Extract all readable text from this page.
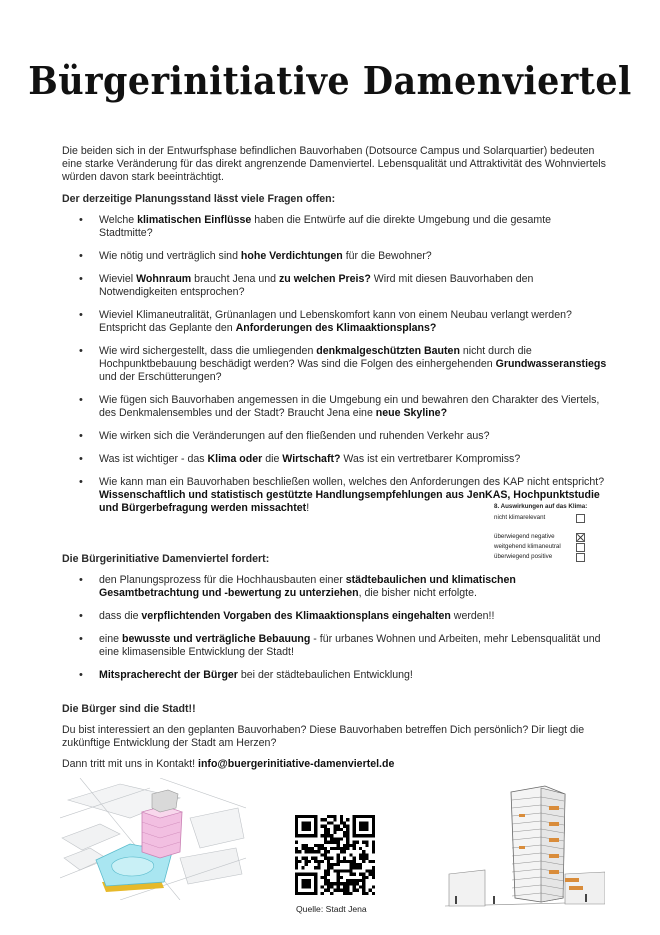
Bürgerinitiative Damenviertel

Die beiden sich in der Entwurfsphase befindlichen Bauvorhaben (Dotsource Campus und Solarquartier) bedeuten eine starke Veränderung für das direkt angrenzende Damenviertel. Lebensqualität und Attraktivität des Wohnviertels würden davon stark beeinträchtigt.

Der derzeitige Planungsstand lässt viele Fragen offen:

• Welche klimatischen Einflüsse haben die Entwürfe auf die direkte Umgebung und die gesamte Stadtmitte?
• Wie nötig und verträglich sind hohe Verdichtungen für die Bewohner?
• Wieviel Wohnraum braucht Jena und zu welchen Preis? Wird mit diesen Bauvorhaben den Notwendigkeiten entsprochen?
• Wieviel Klimaneutralität, Grünanlagen und Lebenskomfort kann von einem Neubau verlangt werden? Entspricht das Geplante den Anforderungen des Klimaaktionsplans?
• Wie wird sichergestellt, dass die umliegenden denkmalgeschützten Bauten nicht durch die Hochpunktbebauung beschädigt werden? Was sind die Folgen des einhergehenden Grundwasseranstiegs und der Erschütterungen?
• Wie fügen sich Bauvorhaben angemessen in die Umgebung ein und bewahren den Charakter des Viertels, des Denkmalensembles und der Stadt? Braucht Jena eine neue Skyline?
• Wie wirken sich die Veränderungen auf den fließenden und ruhenden Verkehr aus?
• Was ist wichtiger - das Klima oder die Wirtschaft? Was ist ein vertretbarer Kompromiss?
• Wie kann man ein Bauvorhaben beschließen wollen, welches den Anforderungen des KAP nicht entspricht? Wissenschaftlich und statistisch gestützte Handlungsempfehlungen aus JenKAS, Hochpunktstudie und Bürgerbefragung werden missachtet!	8. Auswirkungen auf das Klima:
nicht klimarelevant
überwiegend negative
weitgehend klimaneutral
überwiegend positive

Die Bürgerinitiative Damenviertel fordert:

• den Planungsprozess für die Hochhausbauten einer städtebaulichen und klimatischen Gesamtbetrachtung und -bewertung zu unterziehen, die bisher nicht erfolgte.
• dass die verpflichtenden Vorgaben des Klimaaktionsplans eingehalten werden!!
• eine bewusste und verträgliche Bebauung - für urbanes Wohnen und Arbeiten, mehr Lebensqualität und eine klimasensible Entwicklung der Stadt!
• Mitspracherecht der Bürger bei der städtebaulichen Entwicklung!

Die Bürger sind die Stadt!!

Du bist interessiert an den geplanten Bauvorhaben? Diese Bauvorhaben betreffen Dich persönlich? Dir liegt die zukünftige Entwicklung der Stadt am Herzen?

Dann tritt mit uns in Kontakt! info@buergerinitiative-damenviertel.de

Quelle: Stadt Jena
